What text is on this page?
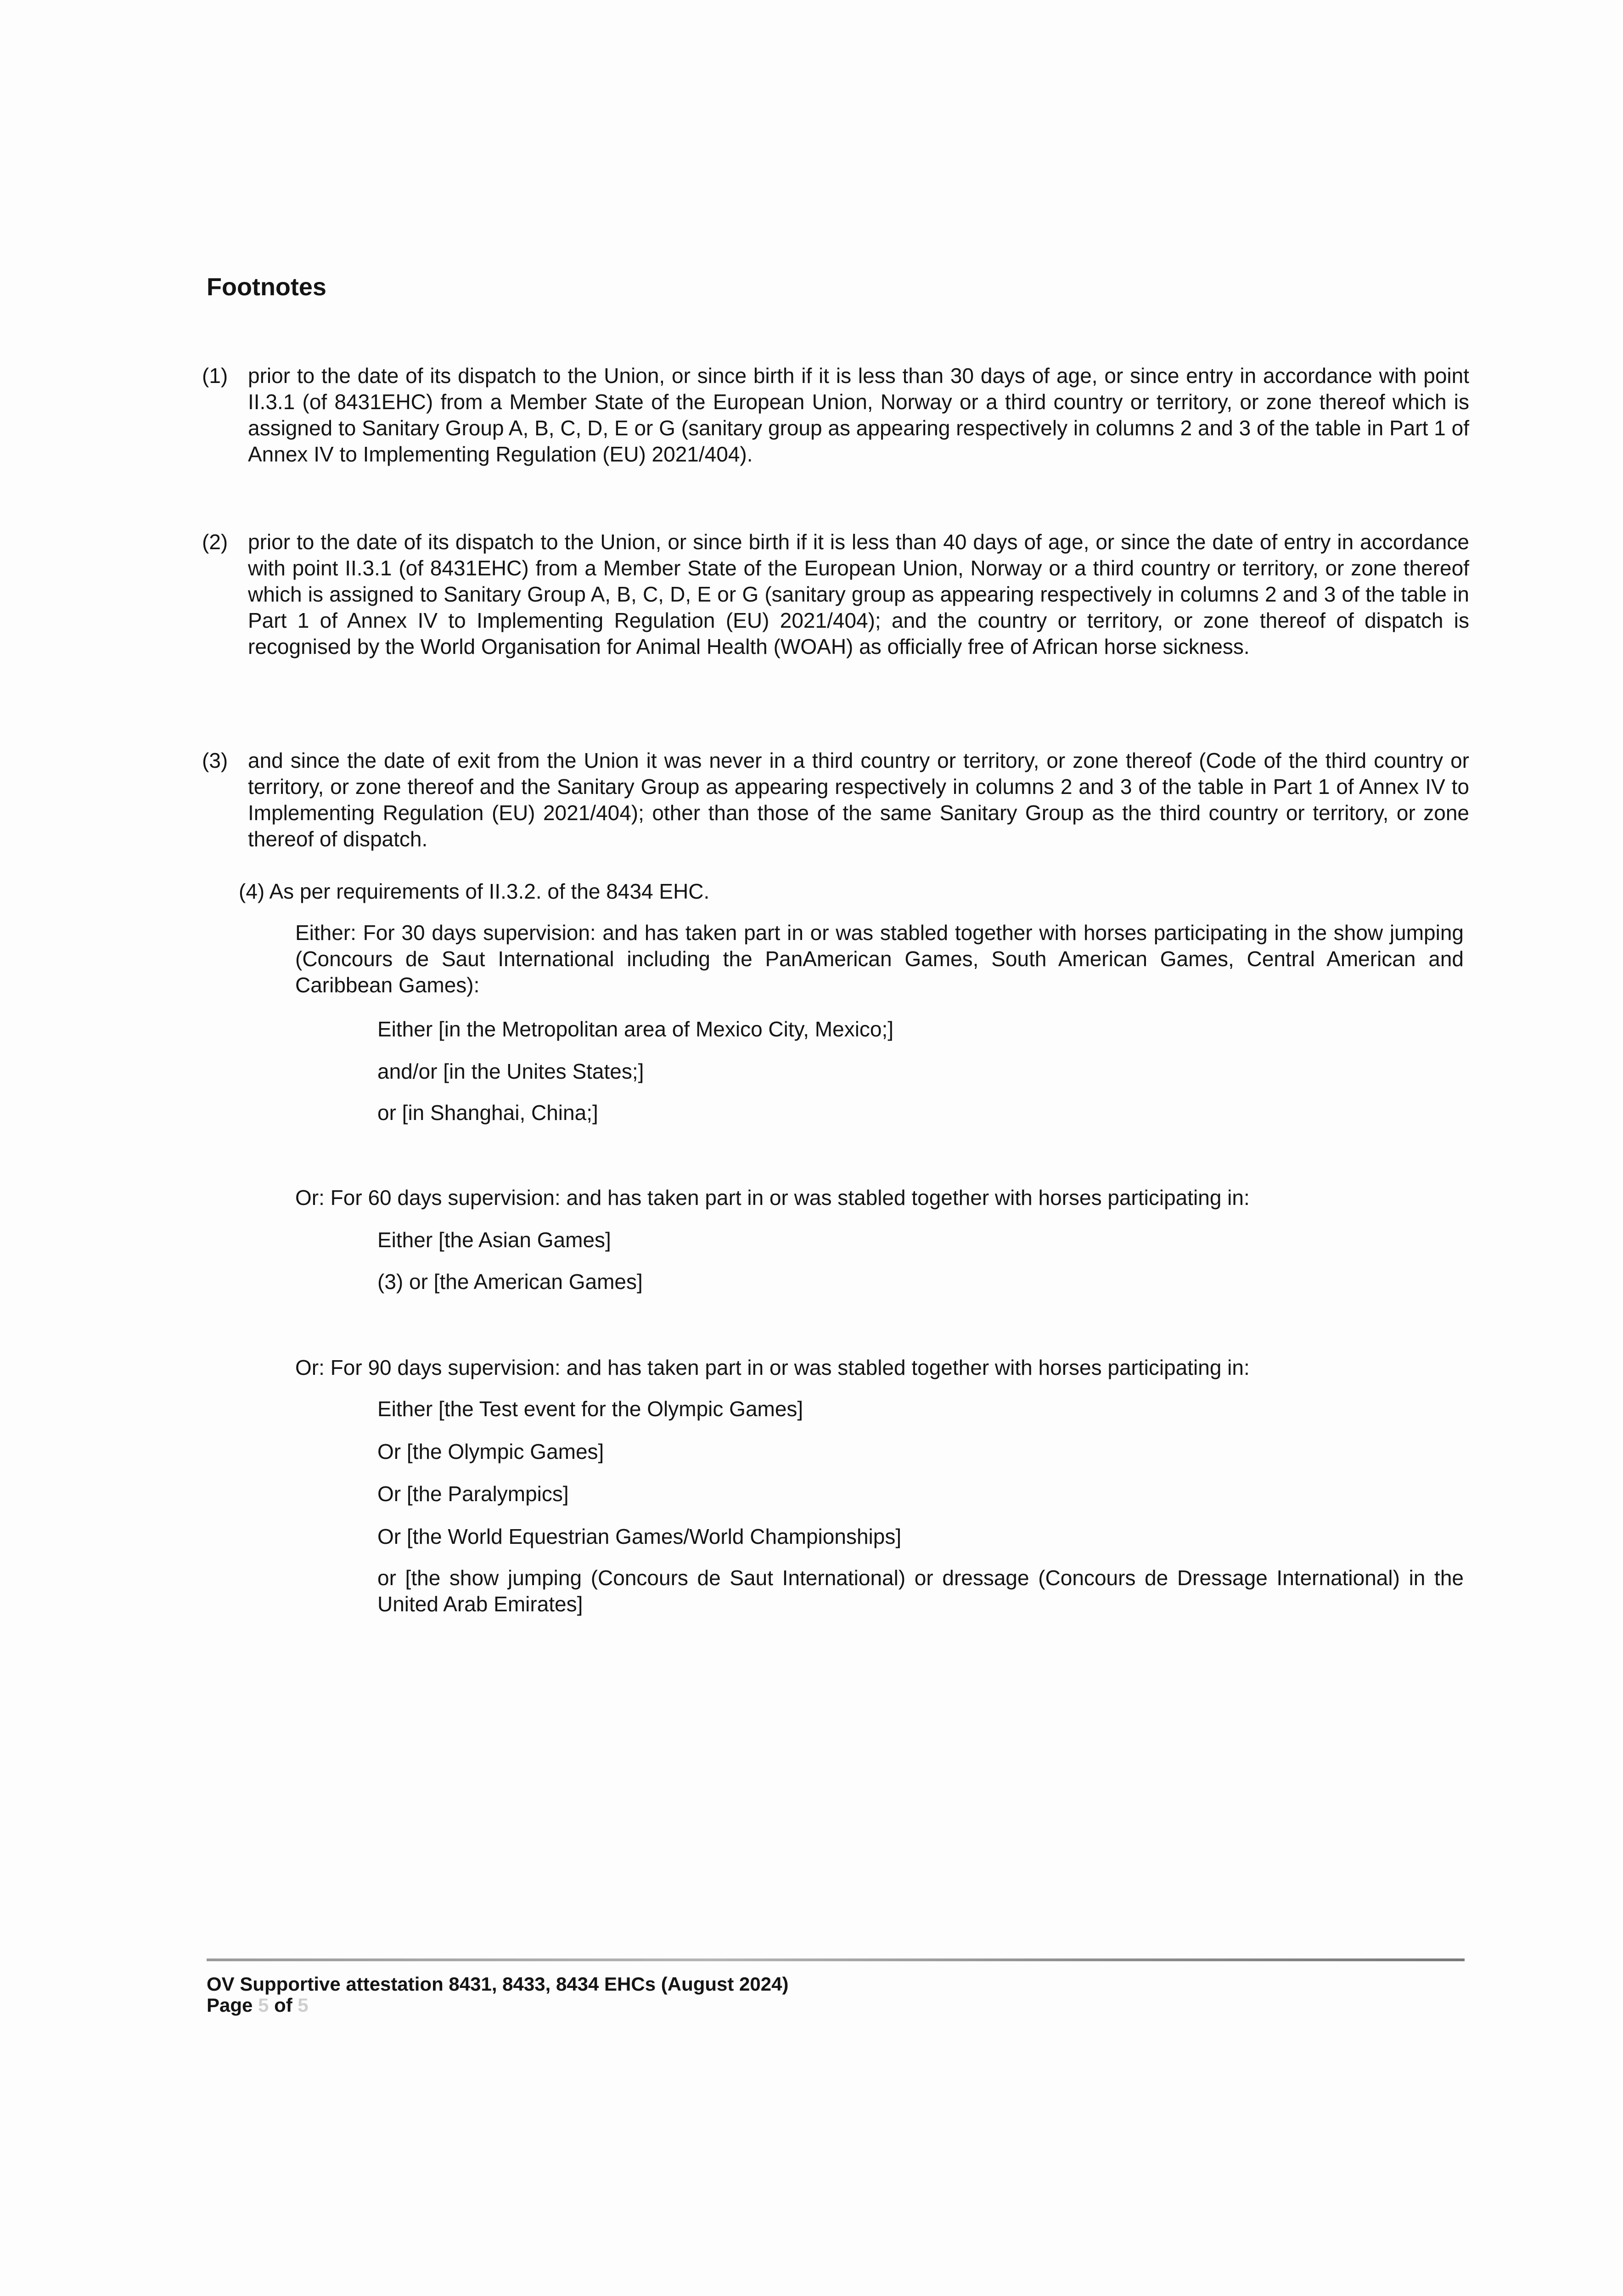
Footnotes

(1) prior to the date of its dispatch to the Union, or since birth if it is less than 30 days of age, or since entry in accordance with point II.3.1 (of 8431EHC) from a Member State of the European Union, Norway or a third country or territory, or zone thereof which is assigned to Sanitary Group A, B, C, D, E or G (sanitary group as appearing respectively in columns 2 and 3 of the table in Part 1 of Annex IV to Implementing Regulation (EU) 2021/404).

(2) prior to the date of its dispatch to the Union, or since birth if it is less than 40 days of age, or since the date of entry in accordance with point II.3.1 (of 8431EHC) from a Member State of the European Union, Norway or a third country or territory, or zone thereof which is assigned to Sanitary Group A, B, C, D, E or G (sanitary group as appearing respectively in columns 2 and 3 of the table in Part 1 of Annex IV to Implementing Regulation (EU) 2021/404); and the country or territory, or zone thereof of dispatch is recognised by the World Organisation for Animal Health (WOAH) as officially free of African horse sickness.

(3) and since the date of exit from the Union it was never in a third country or territory, or zone thereof (Code of the third country or territory, or zone thereof and the Sanitary Group as appearing respectively in columns 2 and 3 of the table in Part 1 of Annex IV to Implementing Regulation (EU) 2021/404); other than those of the same Sanitary Group as the third country or territory, or zone thereof of dispatch.

(4) As per requirements of II.3.2. of the 8434 EHC.

Either: For 30 days supervision: and has taken part in or was stabled together with horses participating in the show jumping (Concours de Saut International including the PanAmerican Games, South American Games, Central American and Caribbean Games):

Either [in the Metropolitan area of Mexico City, Mexico;]

and/or [in the Unites States;]

or [in Shanghai, China;]

Or: For 60 days supervision: and has taken part in or was stabled together with horses participating in:

Either [the Asian Games]

(3) or [the American Games]

Or: For 90 days supervision: and has taken part in or was stabled together with horses participating in:

Either [the Test event for the Olympic Games]

Or [the Olympic Games]

Or [the Paralympics]

Or [the World Equestrian Games/World Championships]

or [the show jumping (Concours de Saut International) or dressage (Concours de Dressage International) in the United Arab Emirates]

OV Supportive attestation 8431, 8433, 8434 EHCs (August 2024)

Page 5 of 5
